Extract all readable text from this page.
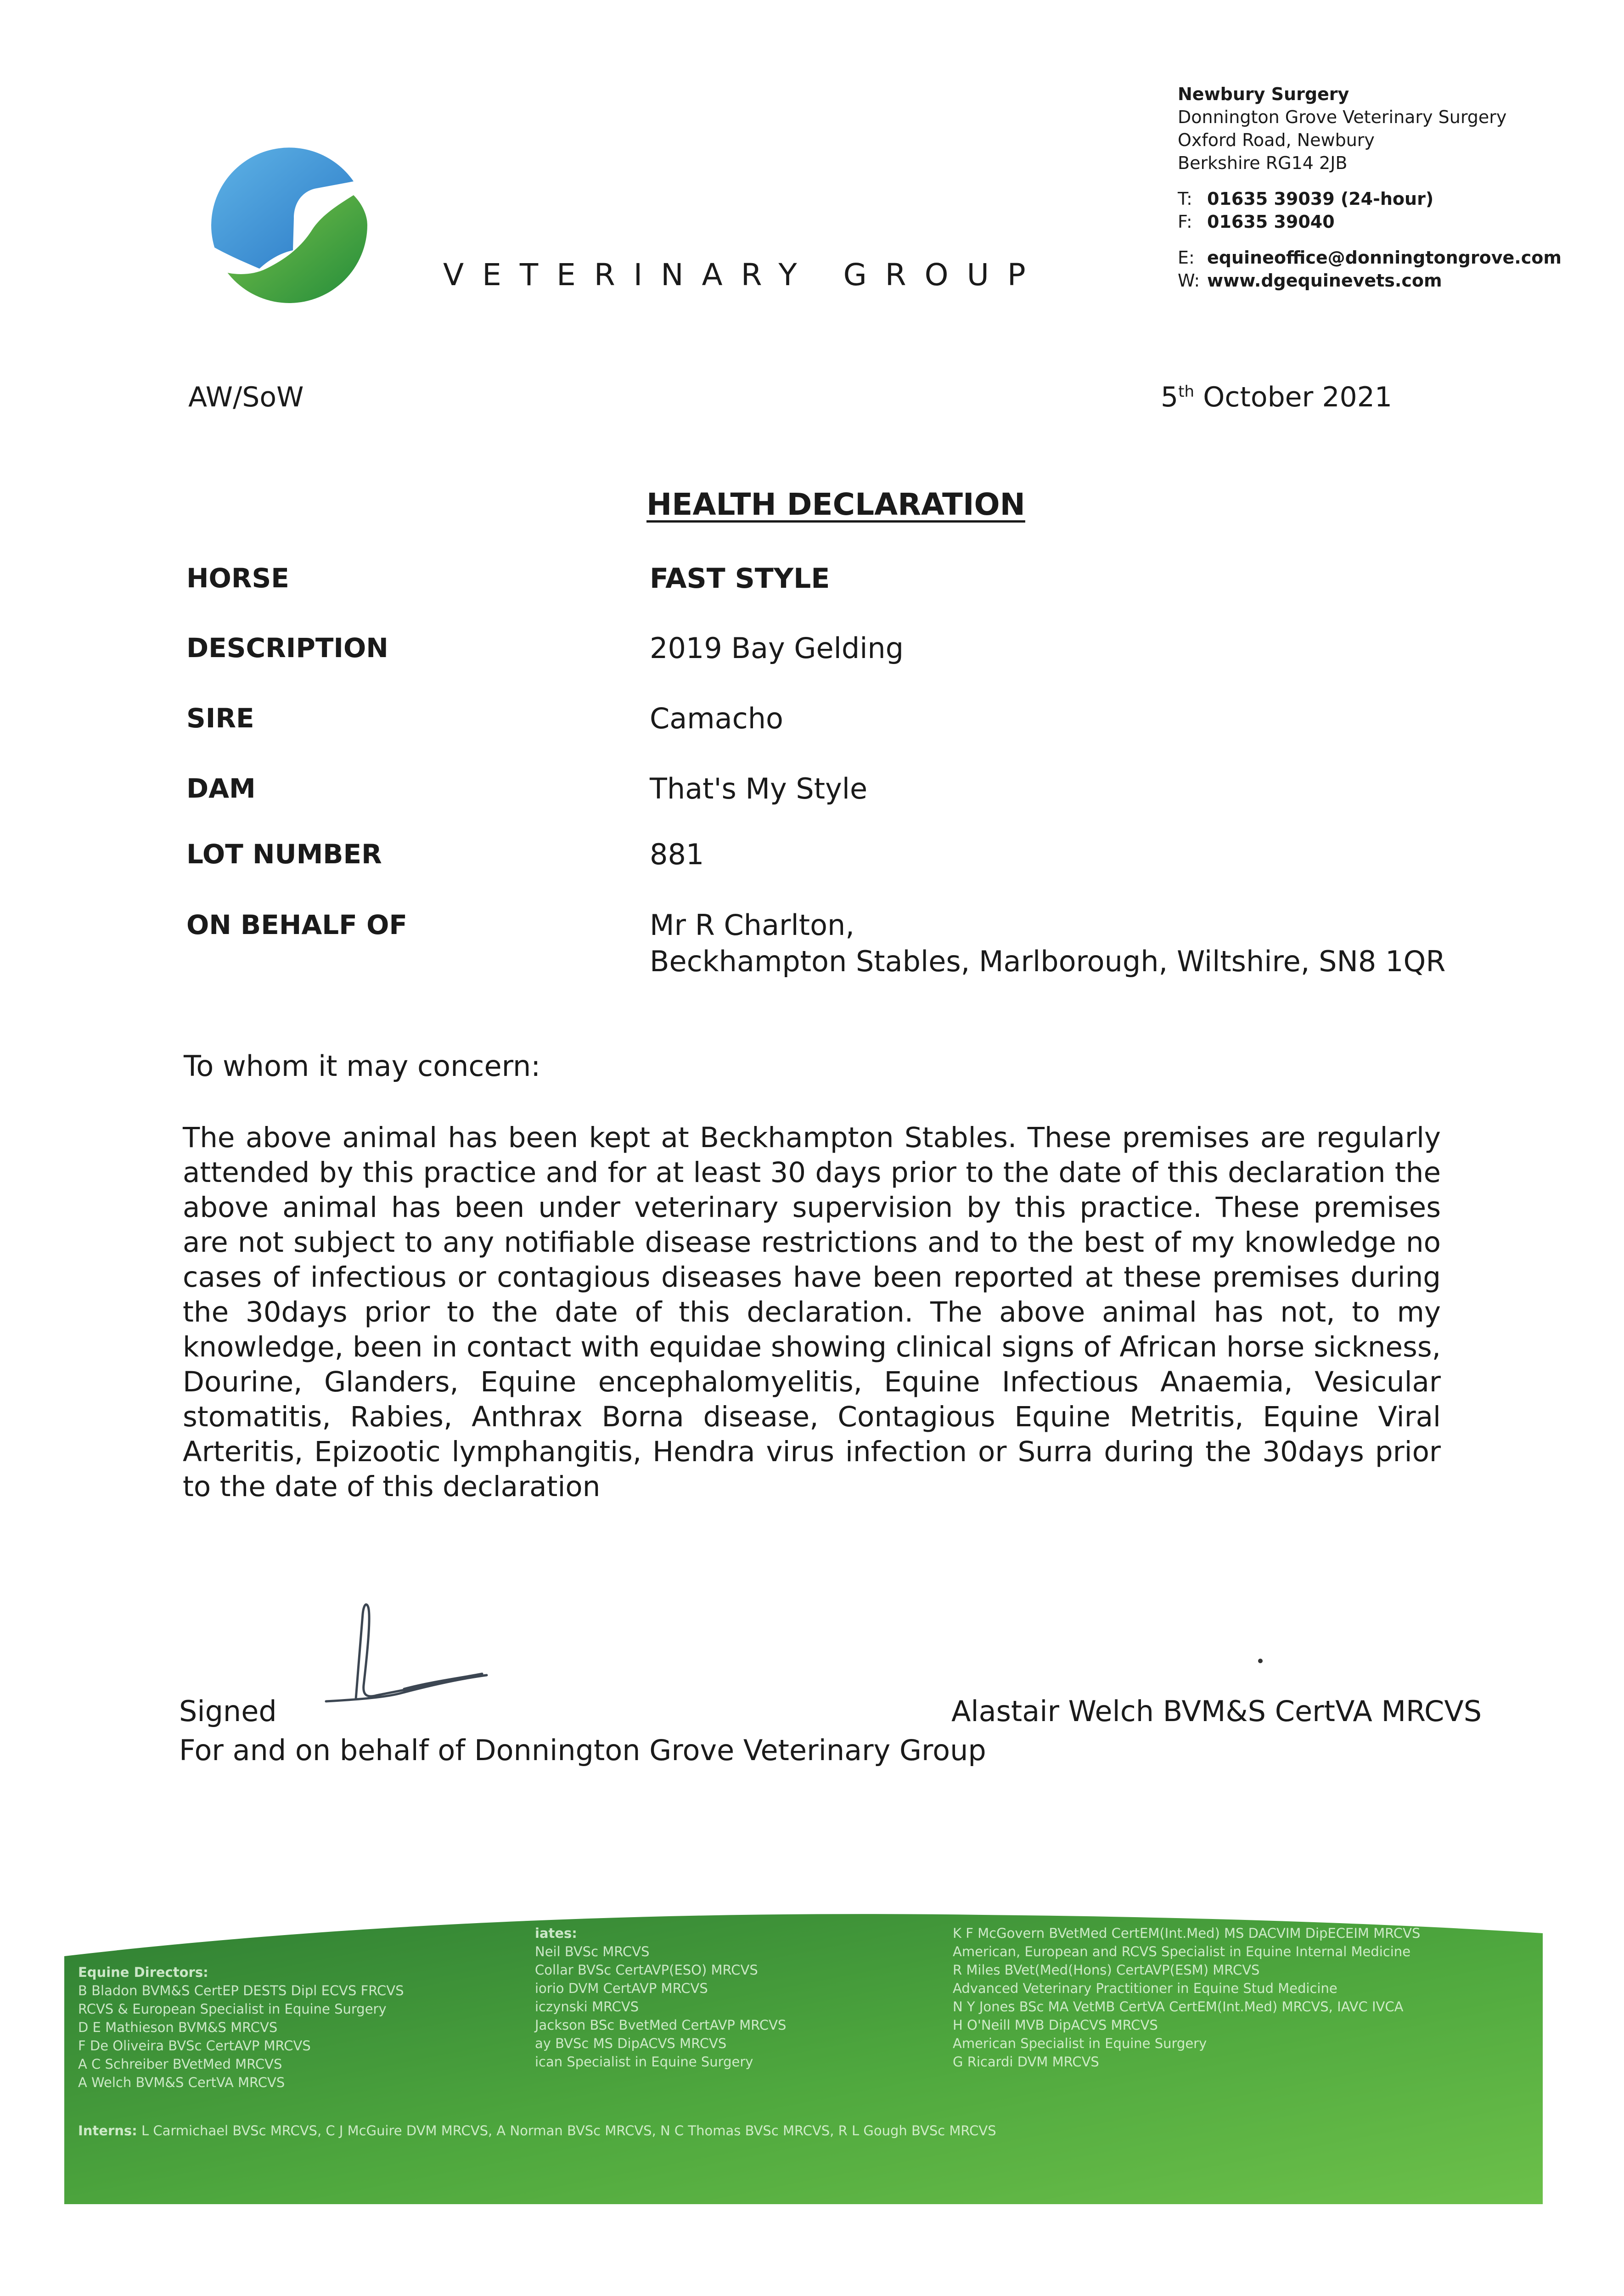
VETERINARY GROUP
Newbury Surgery
Donnington Grove Veterinary Surgery
Oxford Road, Newbury
Berkshire RG14 2JB
T: 01635 39039 (24-hour)
F: 01635 39040
E: equineoffice@donningtongrove.com
W: www.dgequinevets.com
AW/SoW	5th October 2021
HEALTH DECLARATION
HORSE	FAST STYLE
DESCRIPTION	2019 Bay Gelding
SIRE	Camacho
DAM	That's My Style
LOT NUMBER	881
ON BEHALF OF	Mr R Charlton,
Beckhampton Stables, Marlborough, Wiltshire, SN8 1QR
To whom it may concern:
The above animal has been kept at Beckhampton Stables. These premises are regularly attended by this practice and for at least 30 days prior to the date of this declaration the above animal has been under veterinary supervision by this practice. These premises are not subject to any notifiable disease restrictions and to the best of my knowledge no cases of infectious or contagious diseases have been reported at these premises during the 30days prior to the date of this declaration. The above animal has not, to my knowledge, been in contact with equidae showing clinical signs of African horse sickness, Dourine, Glanders, Equine encephalomyelitis, Equine Infectious Anaemia, Vesicular stomatitis, Rabies, Anthrax Borna disease, Contagious Equine Metritis, Equine Viral Arteritis, Epizootic lymphangitis, Hendra virus infection or Surra during the 30days prior to the date of this declaration
Signed	Alastair Welch BVM&S CertVA MRCVS
For and on behalf of Donnington Grove Veterinary Group
Equine Directors:
B Bladon BVM&S CertEP DESTS Dipl ECVS FRCVS
RCVS & European Specialist in Equine Surgery
D E Mathieson BVM&S MRCVS
F De Oliveira BVSc CertAVP MRCVS
A C Schreiber BVetMed MRCVS
A Welch BVM&S CertVA MRCVS
iates:
Neil BVSc MRCVS
Collar BVSc CertAVP(ESO) MRCVS
iorio DVM CertAVP MRCVS
iczynski MRCVS
Jackson BSc BvetMed CertAVP MRCVS
ay BVSc MS DipACVS MRCVS
ican Specialist in Equine Surgery
K F McGovern BVetMed CertEM(Int.Med) MS DACVIM DipECEIM MRCVS
American, European and RCVS Specialist in Equine Internal Medicine
R Miles BVet(Med(Hons) CertAVP(ESM) MRCVS
Advanced Veterinary Practitioner in Equine Stud Medicine
N Y Jones BSc MA VetMB CertVA CertEM(Int.Med) MRCVS, IAVC IVCA
H O'Neill MVB DipACVS MRCVS
American Specialist in Equine Surgery
G Ricardi DVM MRCVS
Interns: L Carmichael BVSc MRCVS, C J McGuire DVM MRCVS, A Norman BVSc MRCVS, N C Thomas BVSc MRCVS, R L Gough BVSc MRCVS
